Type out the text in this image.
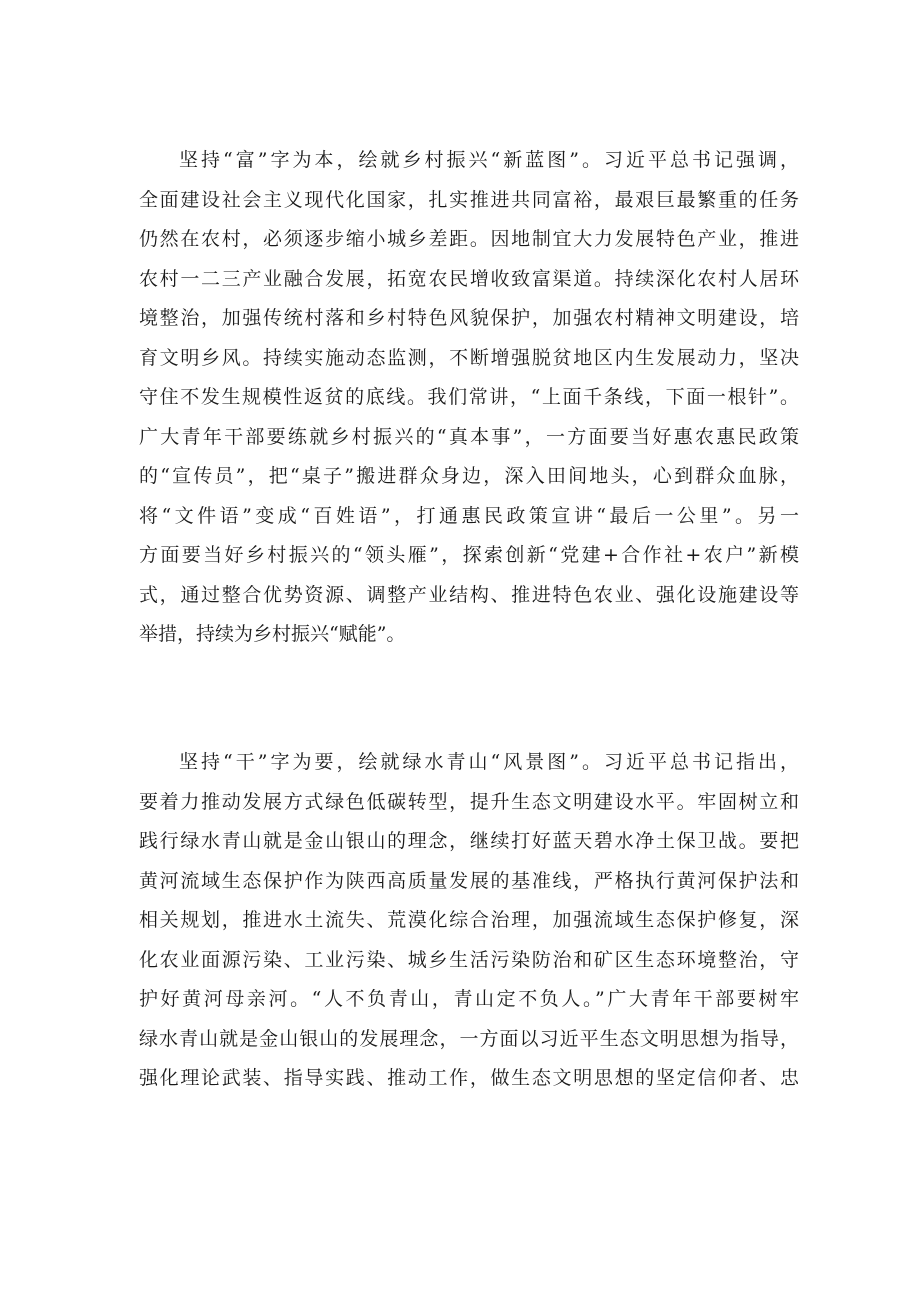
坚持“富”字为本，绘就乡村振兴“新蓝图”。习近平总书记强调，
全面建设社会主义现代化国家，扎实推进共同富裕，最艰巨最繁重的任务
仍然在农村，必须逐步缩小城乡差距。因地制宜大力发展特色产业，推进
农村一二三产业融合发展，拓宽农民增收致富渠道。持续深化农村人居环
境整治，加强传统村落和乡村特色风貌保护，加强农村精神文明建设，培
育文明乡风。持续实施动态监测，不断增强脱贫地区内生发展动力，坚决
守住不发生规模性返贫的底线。我们常讲，“上面千条线，下面一根针”。
广大青年干部要练就乡村振兴的“真本事”，一方面要当好惠农惠民政策
的“宣传员”，把“桌子”搬进群众身边，深入田间地头，心到群众血脉，
将“文件语”变成“百姓语”，打通惠民政策宣讲“最后一公里”。另一
方面要当好乡村振兴的“领头雁”，探索创新“党建+合作社+农户”新模
式，通过整合优势资源、调整产业结构、推进特色农业、强化设施建设等
举措，持续为乡村振兴“赋能”。
坚持“干”字为要，绘就绿水青山“风景图”。习近平总书记指出，
要着力推动发展方式绿色低碳转型，提升生态文明建设水平。牢固树立和
践行绿水青山就是金山银山的理念，继续打好蓝天碧水净土保卫战。要把
黄河流域生态保护作为陕西高质量发展的基准线，严格执行黄河保护法和
相关规划，推进水土流失、荒漠化综合治理，加强流域生态保护修复，深
化农业面源污染、工业污染、城乡生活污染防治和矿区生态环境整治，守
护好黄河母亲河。“人不负青山，青山定不负人。”广大青年干部要树牢
绿水青山就是金山银山的发展理念，一方面以习近平生态文明思想为指导，
强化理论武装、指导实践、推动工作，做生态文明思想的坚定信仰者、忠
